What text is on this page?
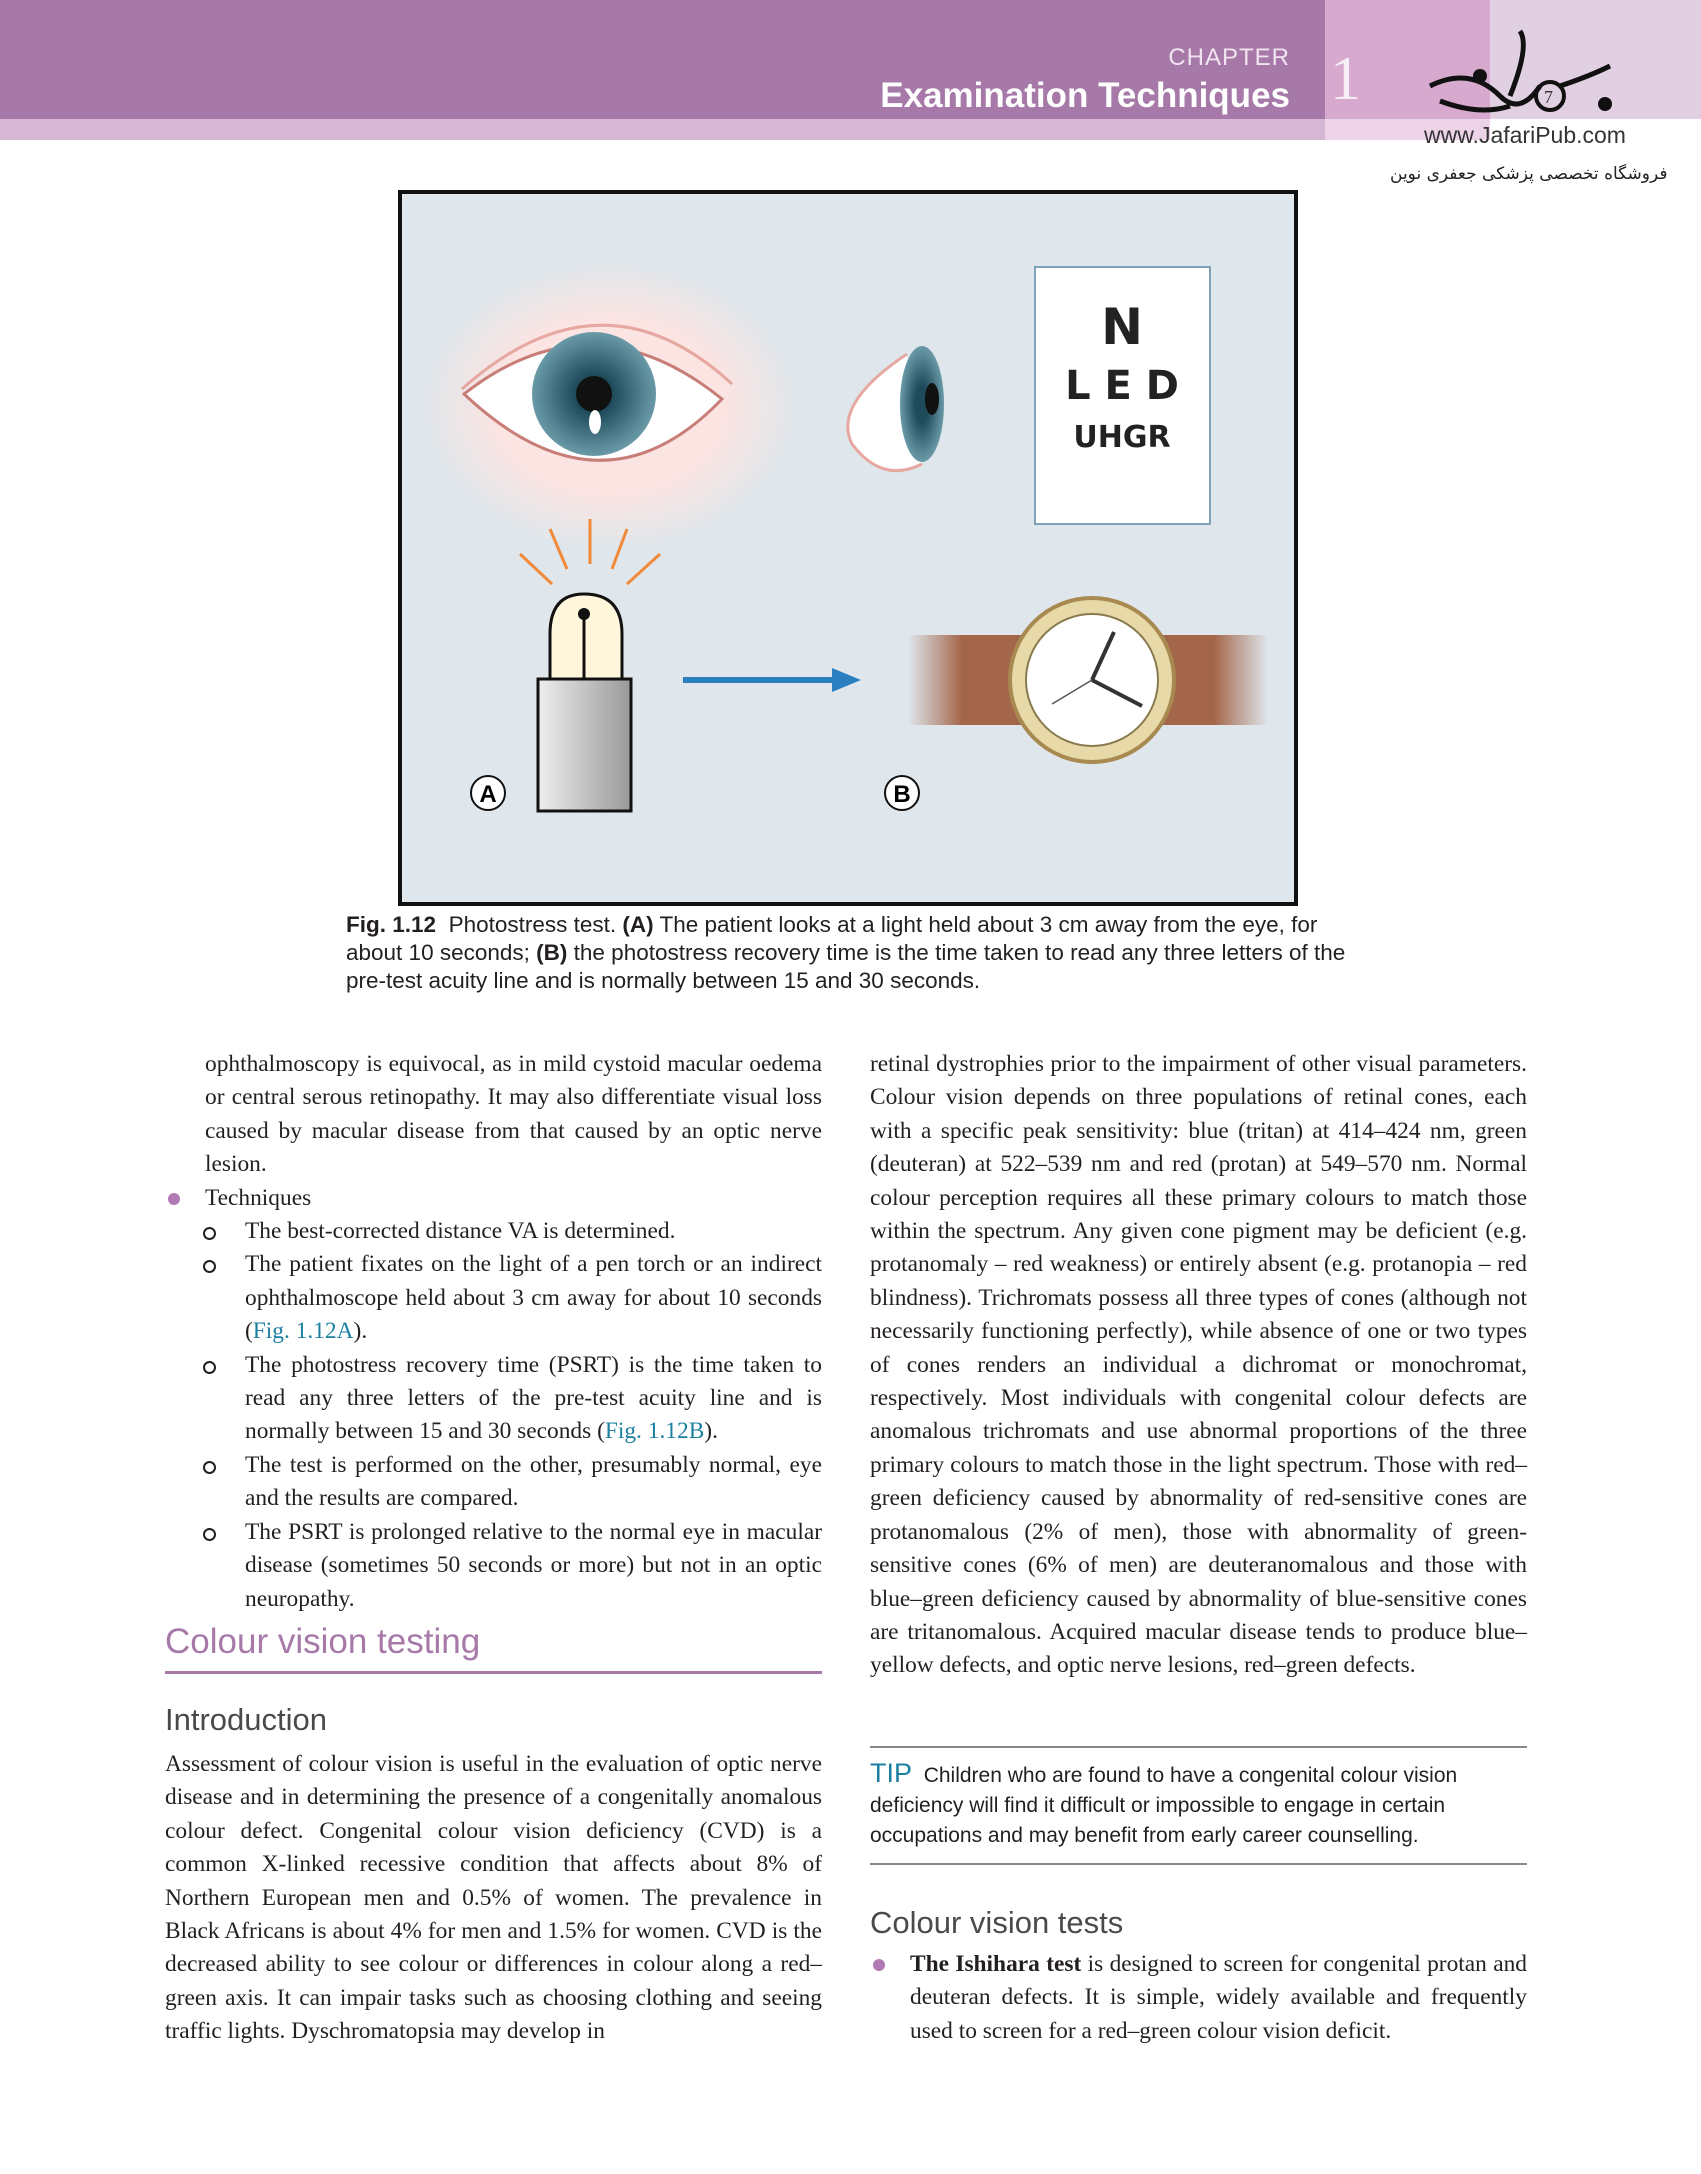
CHAPTER
Examination Techniques 1	7
www.JafariPub.com
فروشگاه تخصصی پزشکی جعفری نوین
N
L E D
UHGR
A	B
Fig. 1.12 Photostress test. (A) The patient looks at a light held about 3 cm away from the eye, for about 10 seconds; (B) the photostress recovery time is the time taken to read any three letters of the pre-test acuity line and is normally between 15 and 30 seconds.

ophthalmoscopy is equivocal, as in mild cystoid macular oedema or central serous retinopathy. It may also differentiate visual loss caused by macular disease from that caused by an optic nerve lesion.

Techniques

The best-corrected distance VA is determined.

The patient fixates on the light of a pen torch or an indirect ophthalmoscope held about 3 cm away for about 10 seconds (Fig. 1.12A).

The photostress recovery time (PSRT) is the time taken to read any three letters of the pre-test acuity line and is normally between 15 and 30 seconds (Fig. 1.12B).

The test is performed on the other, presumably normal, eye and the results are compared.

The PSRT is prolonged relative to the normal eye in macular disease (sometimes 50 seconds or more) but not in an optic neuropathy.

Colour vision testing
Introduction
Assessment of colour vision is useful in the evaluation of optic nerve disease and in determining the presence of a congenitally anomalous colour defect. Congenital colour vision deficiency (CVD) is a common X-linked recessive condition that affects about 8% of Northern European men and 0.5% of women. The prevalence in Black Africans is about 4% for men and 1.5% for women. CVD is the decreased ability to see colour or differences in colour along a red–green axis. It can impair tasks such as choosing clothing and seeing traffic lights. Dyschromatopsia may develop in
retinal dystrophies prior to the impairment of other visual parameters. Colour vision depends on three populations of retinal cones, each with a specific peak sensitivity: blue (tritan) at 414–424 nm, green (deuteran) at 522–539 nm and red (protan) at 549–570 nm. Normal colour perception requires all these primary colours to match those within the spectrum. Any given cone pigment may be deficient (e.g. protanomaly – red weakness) or entirely absent (e.g. protanopia – red blindness). Trichromats possess all three types of cones (although not necessarily functioning perfectly), while absence of one or two types of cones renders an individual a dichromat or monochromat, respectively. Most individuals with congenital colour defects are anomalous trichromats and use abnormal proportions of the three primary colours to match those in the light spectrum. Those with red–green deficiency caused by abnormality of red-sensitive cones are protanomalous (2% of men), those with abnormality of green-sensitive cones (6% of men) are deuteranomalous and those with blue–green deficiency caused by abnormality of blue-sensitive cones are tritanomalous. Acquired macular disease tends to produce blue–yellow defects, and optic nerve lesions, red–green defects.
TIP Children who are found to have a congenital colour vision deficiency will find it difficult or impossible to engage in certain occupations and may benefit from early career counselling.
Colour vision tests

The Ishihara test is designed to screen for congenital protan and deuteran defects. It is simple, widely available and frequently used to screen for a red–green colour vision deficit.
